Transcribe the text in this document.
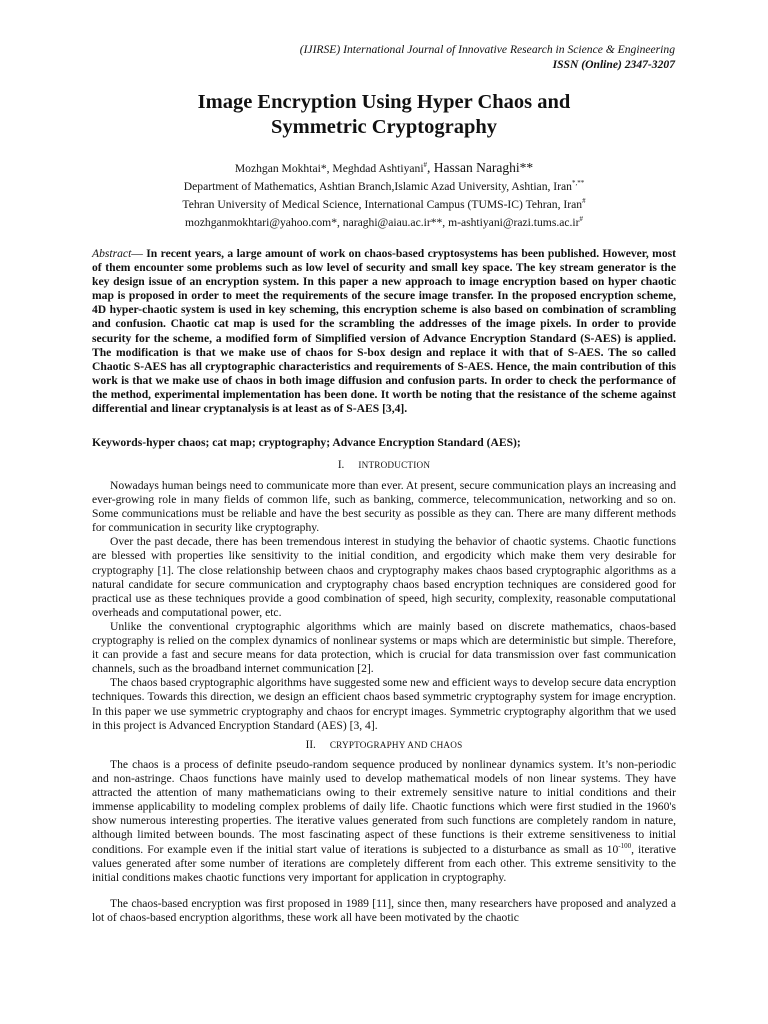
(IJIRSE) International Journal of Innovative Research in Science & Engineering
ISSN (Online) 2347-3207
Image Encryption Using Hyper Chaos and
Symmetric Cryptography
Mozhgan Mokhtai*, Meghdad Ashtiyani#, Hassan Naraghi**
Department of Mathematics, Ashtian Branch,Islamic Azad University, Ashtian, Iran*,**
Tehran University of Medical Science, International Campus (TUMS-IC) Tehran, Iran#
mozhganmokhtari@yahoo.com*, naraghi@aiau.ac.ir**, m-ashtiyani@razi.tums.ac.ir#
Abstract— In recent years, a large amount of work on chaos-based cryptosystems has been published. However, most of them encounter some problems such as low level of security and small key space. The key stream generator is the key design issue of an encryption system. In this paper a new approach to image encryption based on hyper chaotic map is proposed in order to meet the requirements of the secure image transfer. In the proposed encryption scheme, 4D hyper-chaotic system is used in key scheming, this encryption scheme is also based on combination of scrambling and confusion. Chaotic cat map is used for the scrambling the addresses of the image pixels. In order to provide security for the scheme, a modified form of Simplified version of Advance Encryption Standard (S-AES) is applied. The modification is that we make use of chaos for S-box design and replace it with that of S-AES. The so called Chaotic S-AES has all cryptographic characteristics and requirements of S-AES. Hence, the main contribution of this work is that we make use of chaos in both image diffusion and confusion parts. In order to check the performance of the method, experimental implementation has been done. It worth be noting that the resistance of the scheme against differential and linear cryptanalysis is at least as of S-AES [3,4].
Keywords-hyper chaos; cat map; cryptography; Advance Encryption Standard (AES);
I. INTRODUCTION

Nowadays human beings need to communicate more than ever. At present, secure communication plays an increasing and ever-growing role in many fields of common life, such as banking, commerce, telecommunication, networking and so on. Some communications must be reliable and have the best security as possible as they can. There are many different methods for communication in security like cryptography.

Over the past decade, there has been tremendous interest in studying the behavior of chaotic systems. Chaotic functions are blessed with properties like sensitivity to the initial condition, and ergodicity which make them very desirable for cryptography [1]. The close relationship between chaos and cryptography makes chaos based cryptographic algorithms as a natural candidate for secure communication and cryptography chaos based encryption techniques are considered good for practical use as these techniques provide a good combination of speed, high security, complexity, reasonable computational overheads and computational power, etc.

Unlike the conventional cryptographic algorithms which are mainly based on discrete mathematics, chaos-based cryptography is relied on the complex dynamics of nonlinear systems or maps which are deterministic but simple. Therefore, it can provide a fast and secure means for data protection, which is crucial for data transmission over fast communication channels, such as the broadband internet communication [2].

The chaos based cryptographic algorithms have suggested some new and efficient ways to develop secure data encryption techniques. Towards this direction, we design an efficient chaos based symmetric cryptography system for image encryption. In this paper we use symmetric cryptography and chaos for encrypt images. Symmetric cryptography algorithm that we used in this project is Advanced Encryption Standard (AES) [3, 4].

II. CRYPTOGRAPHY AND CHAOS

The chaos is a process of definite pseudo-random sequence produced by nonlinear dynamics system. It’s non-periodic and non-astringe. Chaos functions have mainly used to develop mathematical models of non linear systems. They have attracted the attention of many mathematicians owing to their extremely sensitive nature to initial conditions and their immense applicability to modeling complex problems of daily life. Chaotic functions which were first studied in the 1960's show numerous interesting properties. The iterative values generated from such functions are completely random in nature, although limited between bounds. The most fascinating aspect of these functions is their extreme sensitiveness to initial conditions. For example even if the initial start value of iterations is subjected to a disturbance as small as $10^{-100}$, iterative values generated after some number of iterations are completely different from each other. This extreme sensitivity to the initial conditions makes chaotic functions very important for application in cryptography.

The chaos-based encryption was first proposed in 1989 [11], since then, many researchers have proposed and analyzed a lot of chaos-based encryption algorithms, these work all have been motivated by the chaotic
